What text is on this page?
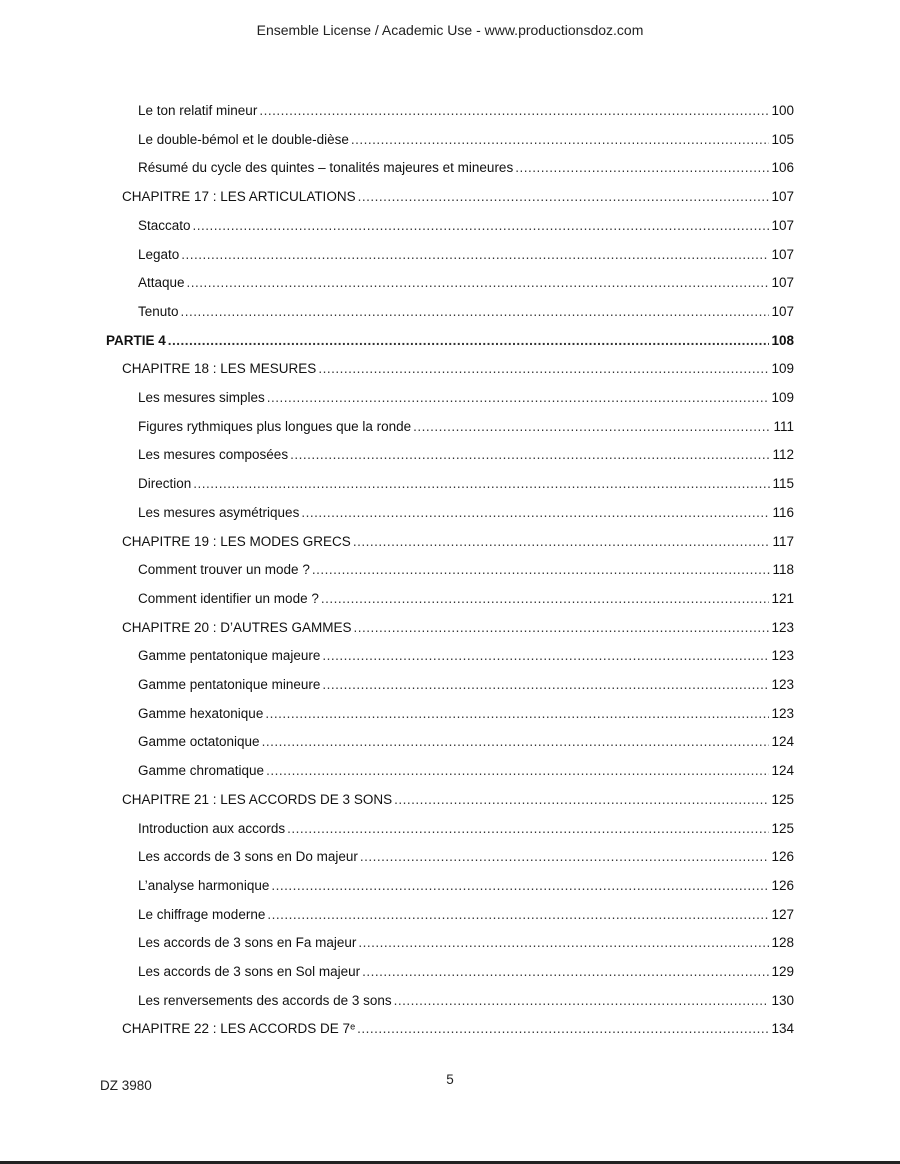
Ensemble License / Academic Use - www.productionsdoz.com
Le ton relatif mineur .....	100
Le double-bémol et le double-dièse .....	105
Résumé du cycle des quintes – tonalités majeures et mineures .....	106
CHAPITRE 17 : LES ARTICULATIONS .....	107
Staccato .....	107
Legato .....	107
Attaque .....	107
Tenuto .....	107
PARTIE 4 .....	108
CHAPITRE 18 : LES MESURES .....	109
Les mesures simples .....	109
Figures rythmiques plus longues que la ronde .....	111
Les mesures composées .....	112
Direction .....	115
Les mesures asymétriques .....	116
CHAPITRE 19 : LES MODES GRECS .....	117
Comment trouver un mode ? .....	118
Comment identifier un mode ? .....	121
CHAPITRE 20 : D’AUTRES GAMMES .....	123
Gamme pentatonique majeure .....	123
Gamme pentatonique mineure .....	123
Gamme hexatonique .....	123
Gamme octatonique .....	124
Gamme chromatique .....	124
CHAPITRE 21 : LES ACCORDS DE 3 SONS .....	125
Introduction aux accords .....	125
Les accords de 3 sons en Do majeur .....	126
L’analyse harmonique .....	126
Le chiffrage moderne .....	127
Les accords de 3 sons en Fa majeur .....	128
Les accords de 3 sons en Sol majeur .....	129
Les renversements des accords de 3 sons .....	130
CHAPITRE 22 : LES ACCORDS DE 7ᵉ .....	134
DZ 3980	5
